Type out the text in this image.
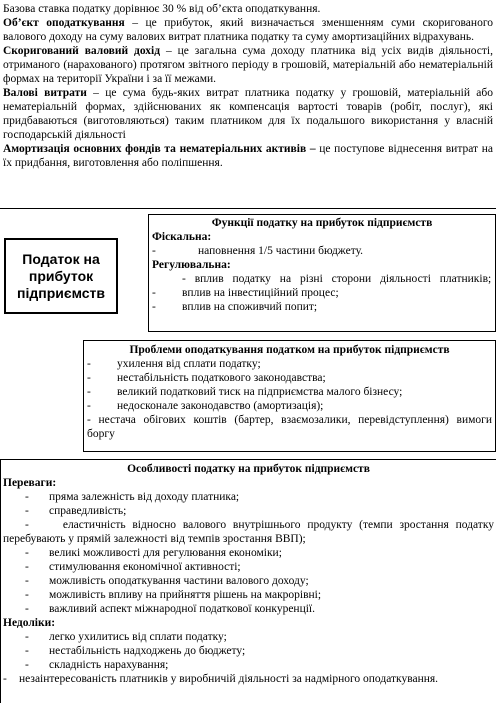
Базова ставка податку дорівнює 30 % від об’єкта оподаткування.

Об’єкт оподаткування – це прибуток, який визначається зменшенням суми скоригованого валового доходу на суму валових витрат платника податку та суму амортизаційних відрахувань.

Скоригований валовий дохід – це загальна сума доходу платника від усіх видів діяльності, отриманого (нарахованого) протягом звітного періоду в грошовій, матеріальній або нематеріальній формах на території України і за її межами.

Валові витрати – це сума будь-яких витрат платника податку у грошовій, матеріальній або нематеріальній формах, здійснюваних як компенсація вартості товарів (робіт, послуг), які придбаваються (виготовляються) таким платником для їх подальшого використання у власній господарській діяльності

Амортизація основних фондів та нематеріальних активів – це поступове віднесення витрат на їх придбання, виготовлення або поліпшення.

Податок на прибуток підприємств

Функції податку на прибуток підприємств

Фіскальна:

-	наповнення 1/5 частини бюджету.

Регулювальна:

- вплив податку на різні сторони діяльності платників;
-	вплив на інвестиційний процес;
-	вплив на споживчий попит;

Проблеми оподаткування податком на прибуток підприємств

-	ухилення від сплати податку;
-	нестабільність податкового законодавства;
-	великий податковий тиск на підприємства малого бізнесу;
-	недосконале законодавство (амортизація);
- нестача обігових коштів (бартер, взаємозалики, перевідступлення) вимоги боргу

Особливості податку на прибуток підприємств

Переваги:

-	пряма залежність від доходу платника;
-	справедливість;
-	еластичність відносно валового внутрішнього продукту (темпи зростання податку перебувають у прямій залежності від темпів зростання ВВП);
-	великі можливості для регулювання економіки;
-	стимулювання економічної активності;
-	можливість оподаткування частини валового доходу;
-	можливість впливу на прийняття рішень на макрорівні;
-	важливий аспект міжнародної податкової конкуренції.

Недоліки:

-	легко ухилитись від сплати податку;
-	нестабільність надходжень до бюджету;
-	складність нарахування;
-	незаінтересованість платників у виробничій діяльності за надмірного оподаткування.
